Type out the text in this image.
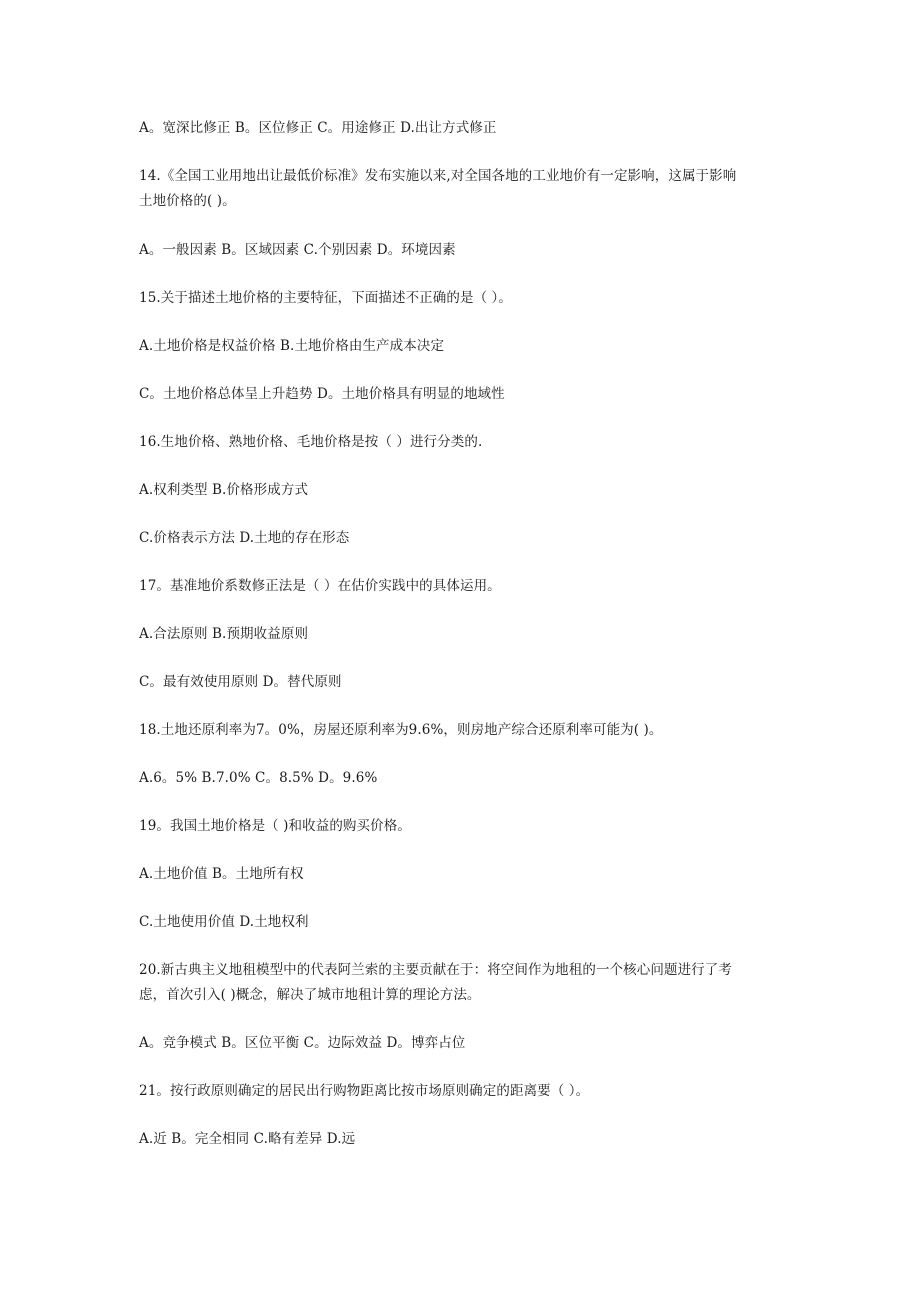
A。宽深比修正 B。区位修正 C。用途修正 D.出让方式修正
14.《全国工业用地出让最低价标准》发布实施以来,对全国各地的工业地价有一定影响，这属于影响
土地价格的( )。
A。一般因素 B。区域因素 C.个别因素 D。环境因素
15.关于描述土地价格的主要特征，下面描述不正确的是（ ）。
A.土地价格是权益价格 B.土地价格由生产成本决定
C。土地价格总体呈上升趋势 D。土地价格具有明显的地域性
16.生地价格、熟地价格、毛地价格是按（ ）进行分类的.
A.权利类型 B.价格形成方式
C.价格表示方法 D.土地的存在形态
17。基准地价系数修正法是（ ）在估价实践中的具体运用。
A.合法原则 B.预期收益原则
C。最有效使用原则 D。替代原则
18.土地还原利率为7。0%，房屋还原利率为9.6%，则房地产综合还原利率可能为( )。
A.6。5% B.7.0% C。8.5% D。9.6%
19。我国土地价格是（ )和收益的购买价格。
A.土地价值 B。土地所有权
C.土地使用价值 D.土地权利
20.新古典主义地租模型中的代表阿兰索的主要贡献在于：将空间作为地租的一个核心问题进行了考
虑，首次引入( )概念，解决了城市地租计算的理论方法。
A。竞争模式 B。区位平衡 C。边际效益 D。博弈占位
21。按行政原则确定的居民出行购物距离比按市场原则确定的距离要（ ）。
A.近 B。完全相同 C.略有差异 D.远
